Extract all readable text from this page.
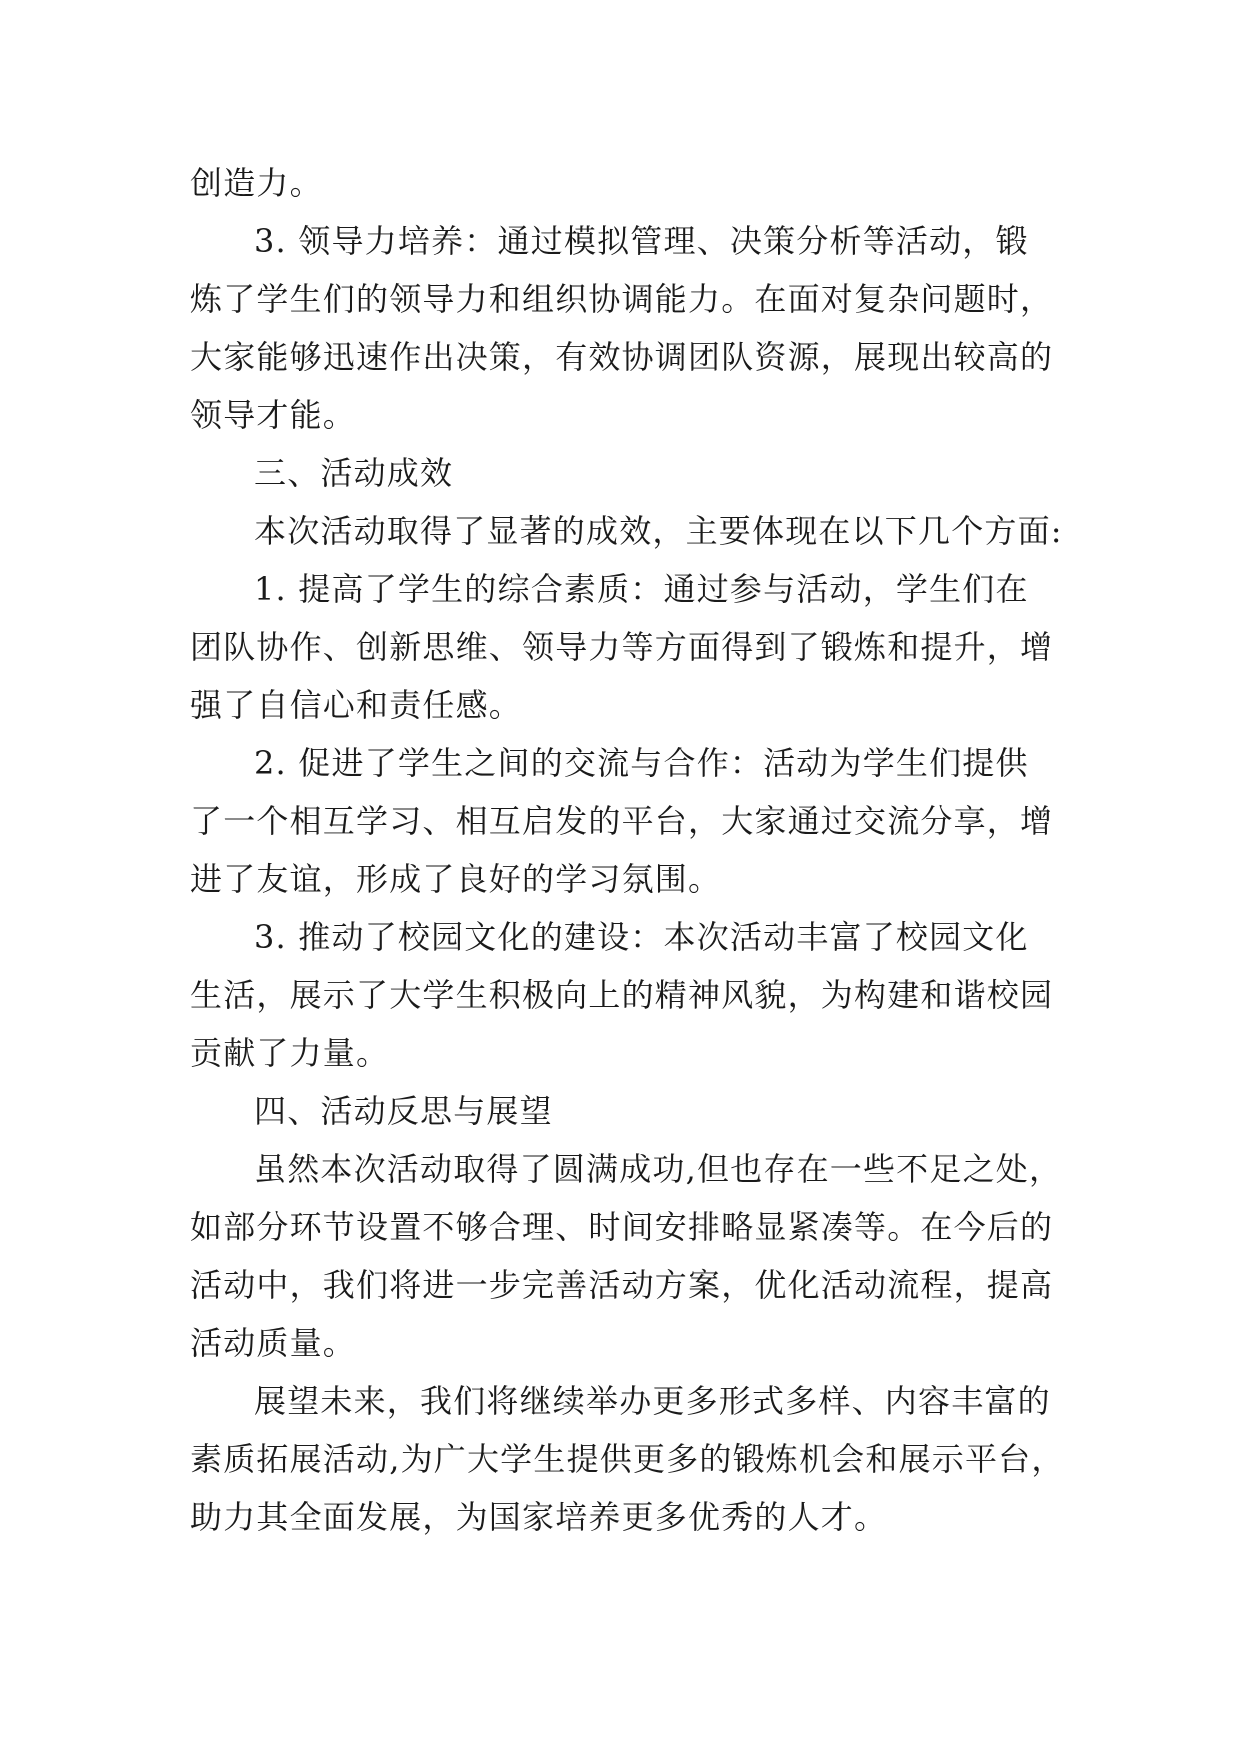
创造力。
3. 领导力培养：通过模拟管理、决策分析等活动，锻
炼了学生们的领导力和组织协调能力。在面对复杂问题时，
大家能够迅速作出决策，有效协调团队资源，展现出较高的
领导才能。
三、活动成效
本次活动取得了显著的成效，主要体现在以下几个方面:
1. 提高了学生的综合素质：通过参与活动，学生们在
团队协作、创新思维、领导力等方面得到了锻炼和提升，增
强了自信心和责任感。
2. 促进了学生之间的交流与合作：活动为学生们提供
了一个相互学习、相互启发的平台，大家通过交流分享，增
进了友谊，形成了良好的学习氛围。
3. 推动了校园文化的建设：本次活动丰富了校园文化
生活，展示了大学生积极向上的精神风貌，为构建和谐校园
贡献了力量。
四、活动反思与展望
虽然本次活动取得了圆满成功,但也存在一些不足之处，
如部分环节设置不够合理、时间安排略显紧凑等。在今后的
活动中，我们将进一步完善活动方案，优化活动流程，提高
活动质量。
展望未来，我们将继续举办更多形式多样、内容丰富的
素质拓展活动,为广大学生提供更多的锻炼机会和展示平台，
助力其全面发展，为国家培养更多优秀的人才。
